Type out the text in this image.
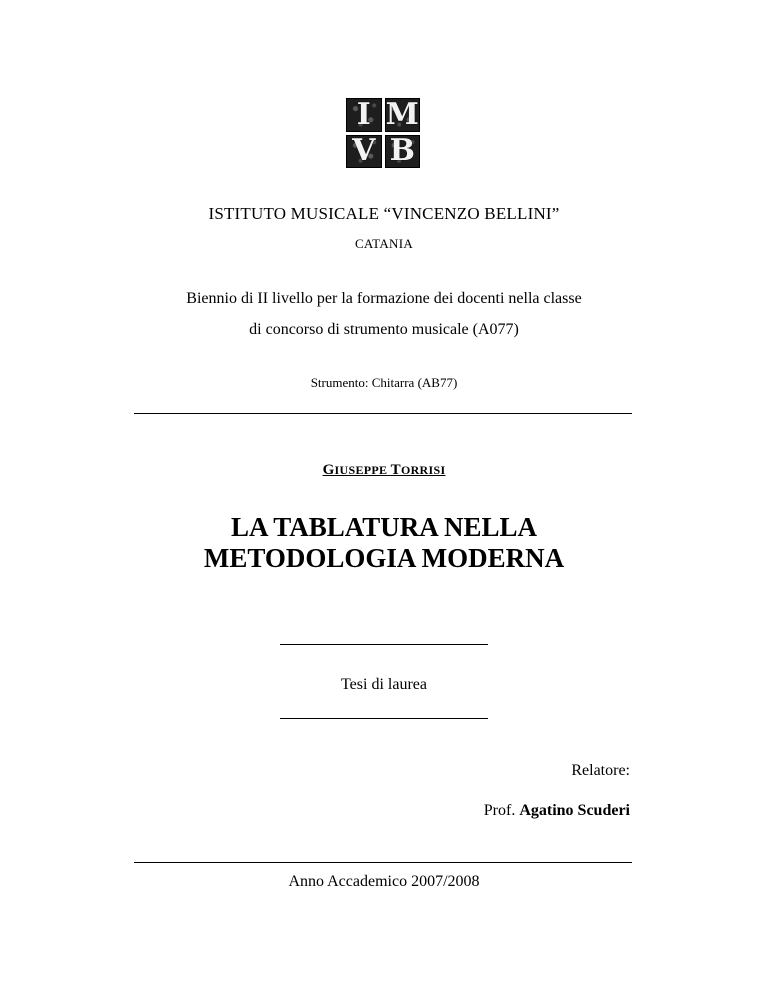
I M
V B
ISTITUTO MUSICALE “VINCENZO BELLINI”
CATANIA
Biennio di II livello per la formazione dei docenti nella classe
di concorso di strumento musicale (A077)
Strumento: Chitarra (AB77)
GIUSEPPE TORRISI
LA TABLATURA NELLA
METODOLOGIA MODERNA
Tesi di laurea
Relatore:
Prof. Agatino Scuderi
Anno Accademico 2007/2008
